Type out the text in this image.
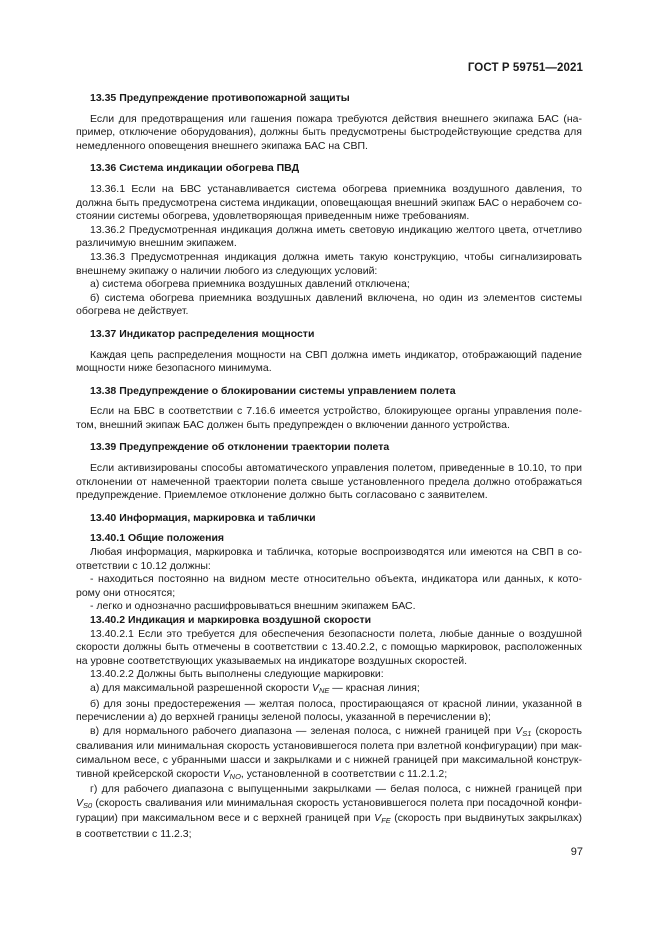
ГОСТ Р 59751—2021

13.35 Предупреждение противопожарной защиты

Если для предотвращения или гашения пожара требуются действия внешнего экипажа БАС (например, отключение оборудования), должны быть предусмотрены быстродействующие средства для немедленного оповещения внешнего экипажа БАС на СВП.

13.36 Система индикации обогрева ПВД

13.36.1 Если на БВС устанавливается система обогрева приемника воздушного давления, то должна быть предусмотрена система индикации, оповещающая внешний экипаж БАС о нерабочем состоянии системы обогрева, удовлетворяющая приведенным ниже требованиям.

13.36.2 Предусмотренная индикация должна иметь световую индикацию желтого цвета, отчетливо различимую внешним экипажем.

13.36.3 Предусмотренная индикация должна иметь такую конструкцию, чтобы сигнализировать внешнему экипажу о наличии любого из следующих условий:

а) система обогрева приемника воздушных давлений отключена;

б) система обогрева приемника воздушных давлений включена, но один из элементов системы обогрева не действует.

13.37 Индикатор распределения мощности

Каждая цепь распределения мощности на СВП должна иметь индикатор, отображающий падение мощности ниже безопасного минимума.

13.38 Предупреждение о блокировании системы управлением полета

Если на БВС в соответствии с 7.16.6 имеется устройство, блокирующее органы управления полетом, внешний экипаж БАС должен быть предупрежден о включении данного устройства.

13.39 Предупреждение об отклонении траектории полета

Если активизированы способы автоматического управления полетом, приведенные в 10.10, то при отклонении от намеченной траектории полета свыше установленного предела должно отображаться предупреждение. Приемлемое отклонение должно быть согласовано с заявителем.

13.40 Информация, маркировка и таблички

13.40.1 Общие положения

Любая информация, маркировка и табличка, которые воспроизводятся или имеются на СВП в соответствии с 10.12 должны:

- находиться постоянно на видном месте относительно объекта, индикатора или данных, к которому они относятся;

- легко и однозначно расшифровываться внешним экипажем БАС.

13.40.2 Индикация и маркировка воздушной скорости

13.40.2.1 Если это требуется для обеспечения безопасности полета, любые данные о воздушной скорости должны быть отмечены в соответствии с 13.40.2.2, с помощью маркировок, расположенных на уровне соответствующих указываемых на индикаторе воздушных скоростей.

13.40.2.2 Должны быть выполнены следующие маркировки:

а) для максимальной разрешенной скорости $V_{NE}$ — красная линия;

б) для зоны предостережения — желтая полоса, простирающаяся от красной линии, указанной в перечислении а) до верхней границы зеленой полосы, указанной в перечислении в);

в) для нормального рабочего диапазона — зеленая полоса, с нижней границей при $V_{S1}$ (скорость сваливания или минимальная скорость установившегося полета при взлетной конфигурации) при максимальном весе, с убранными шасси и закрылками и с нижней границей при максимальной конструктивной крейсерской скорости $V_{NO}$, установленной в соответствии с 11.2.1.2;

г) для рабочего диапазона с выпущенными закрылками — белая полоса, с нижней границей при $V_{S0}$ (скорость сваливания или минимальная скорость установившегося полета при посадочной конфигурации) при максимальном весе и с верхней границей при $V_{FE}$ (скорость при выдвинутых закрылках) в соответствии с 11.2.3;

97
